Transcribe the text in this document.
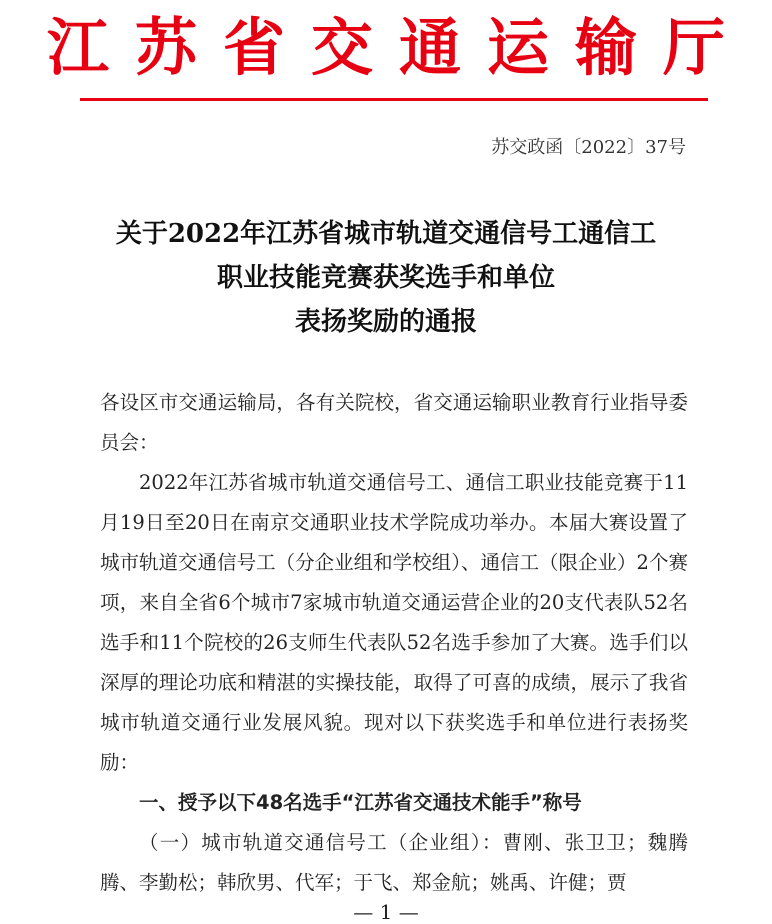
江苏省交通运输厅
苏交政函〔2022〕37号
关于2022年江苏省城市轨道交通信号工通信工
职业技能竞赛获奖选手和单位
表扬奖励的通报

各设区市交通运输局，各有关院校，省交通运输职业教育行业指导委员会：

2022年江苏省城市轨道交通信号工、通信工职业技能竞赛于11月19日至20日在南京交通职业技术学院成功举办。本届大赛设置了城市轨道交通信号工（分企业组和学校组）、通信工（限企业）2个赛项，来自全省6个城市7家城市轨道交通运营企业的20支代表队52名选手和11个院校的26支师生代表队52名选手参加了大赛。选手们以深厚的理论功底和精湛的实操技能，取得了可喜的成绩，展示了我省城市轨道交通行业发展风貌。现对以下获奖选手和单位进行表扬奖励：

一、授予以下48名选手“江苏省交通技术能手”称号

（一）城市轨道交通信号工（企业组）：曹刚、张卫卫；魏腾腾、李勤松；韩欣男、代军；于飞、郑金航；姚禹、许健；贾

— 1 —
